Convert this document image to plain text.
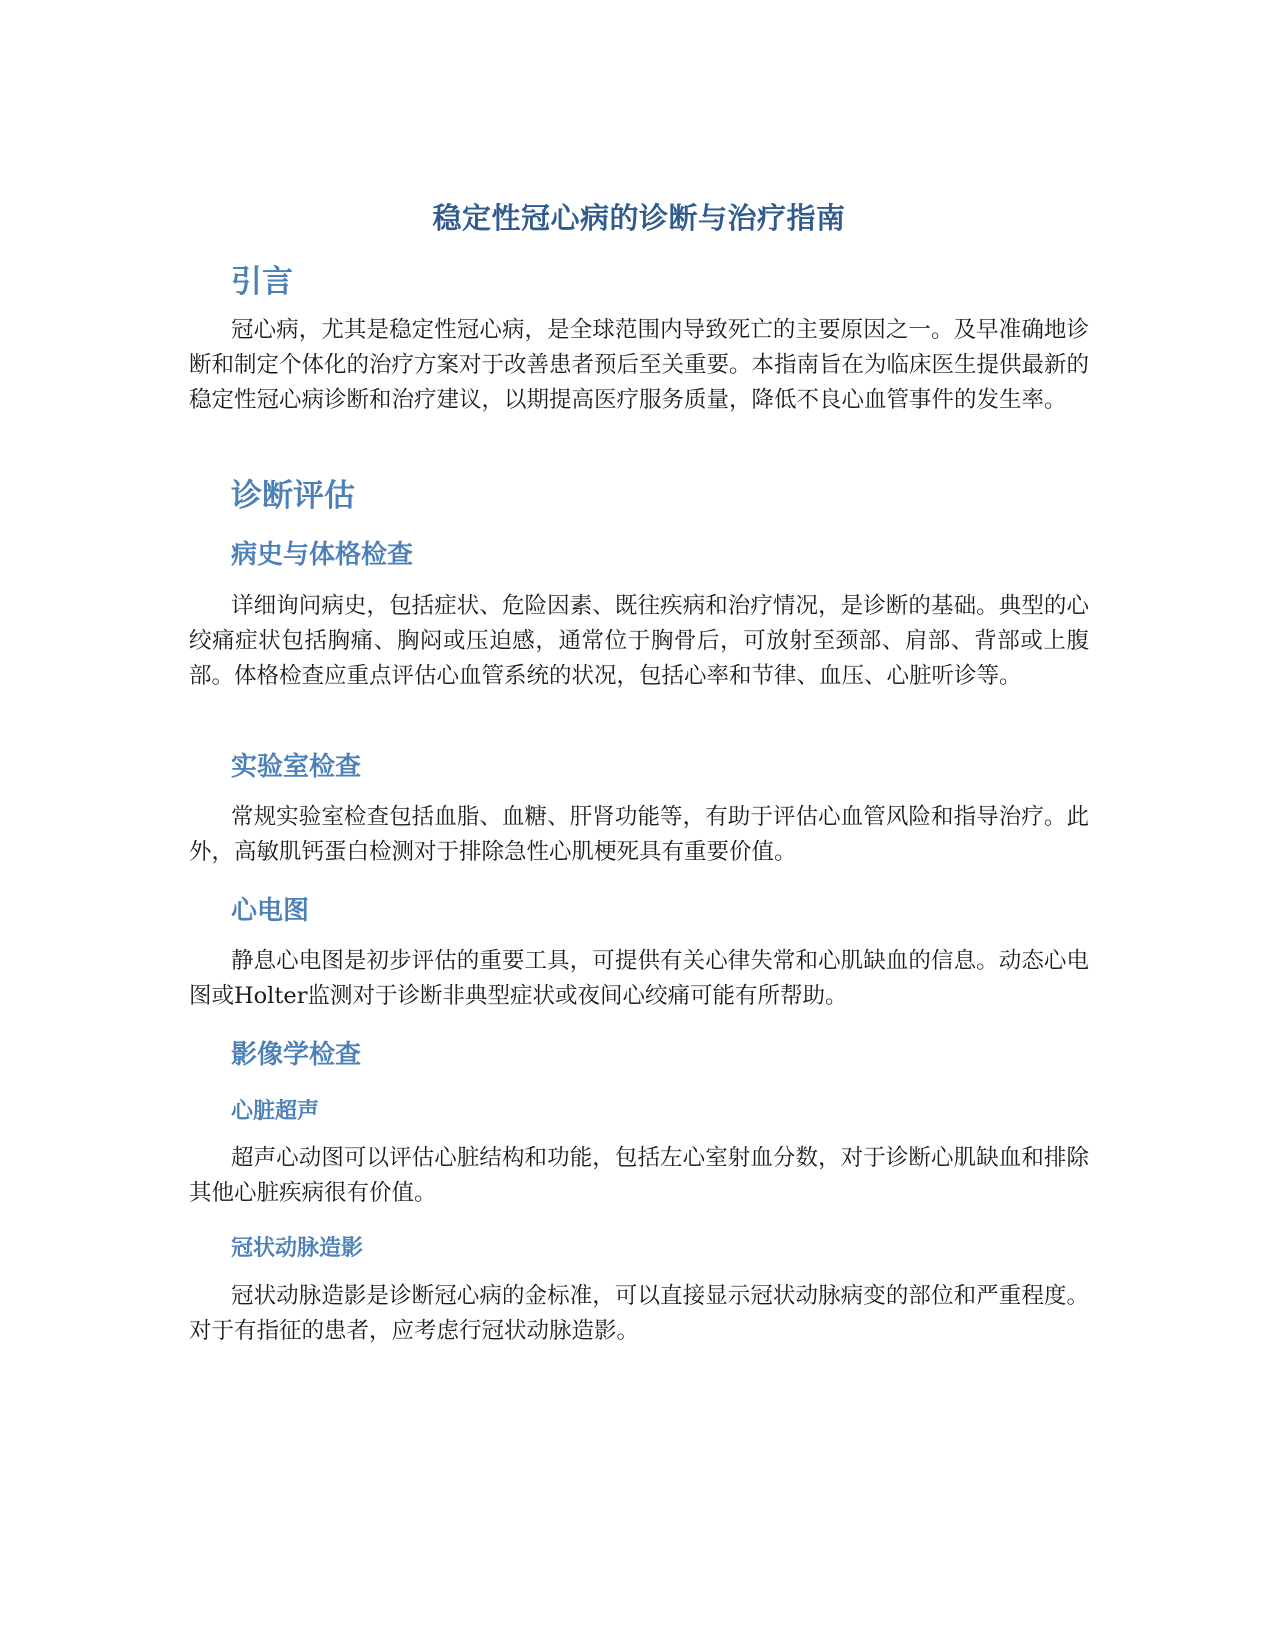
稳定性冠心病的诊断与治疗指南
引言

冠心病，尤其是稳定性冠心病，是全球范围内导致死亡的主要原因之一。及早准确地诊断和制定个体化的治疗方案对于改善患者预后至关重要。本指南旨在为临床医生提供最新的稳定性冠心病诊断和治疗建议，以期提高医疗服务质量，降低不良心血管事件的发生率。

诊断评估
病史与体格检查

详细询问病史，包括症状、危险因素、既往疾病和治疗情况，是诊断的基础。典型的心绞痛症状包括胸痛、胸闷或压迫感，通常位于胸骨后，可放射至颈部、肩部、背部或上腹部。体格检查应重点评估心血管系统的状况，包括心率和节律、血压、心脏听诊等。

实验室检查

常规实验室检查包括血脂、血糖、肝肾功能等，有助于评估心血管风险和指导治疗。此外，高敏肌钙蛋白检测对于排除急性心肌梗死具有重要价值。

心电图

静息心电图是初步评估的重要工具，可提供有关心律失常和心肌缺血的信息。动态心电图或Holter监测对于诊断非典型症状或夜间心绞痛可能有所帮助。

影像学检查
心脏超声

超声心动图可以评估心脏结构和功能，包括左心室射血分数，对于诊断心肌缺血和排除其他心脏疾病很有价值。

冠状动脉造影

冠状动脉造影是诊断冠心病的金标准，可以直接显示冠状动脉病变的部位和严重程度。对于有指征的患者，应考虑行冠状动脉造影。
